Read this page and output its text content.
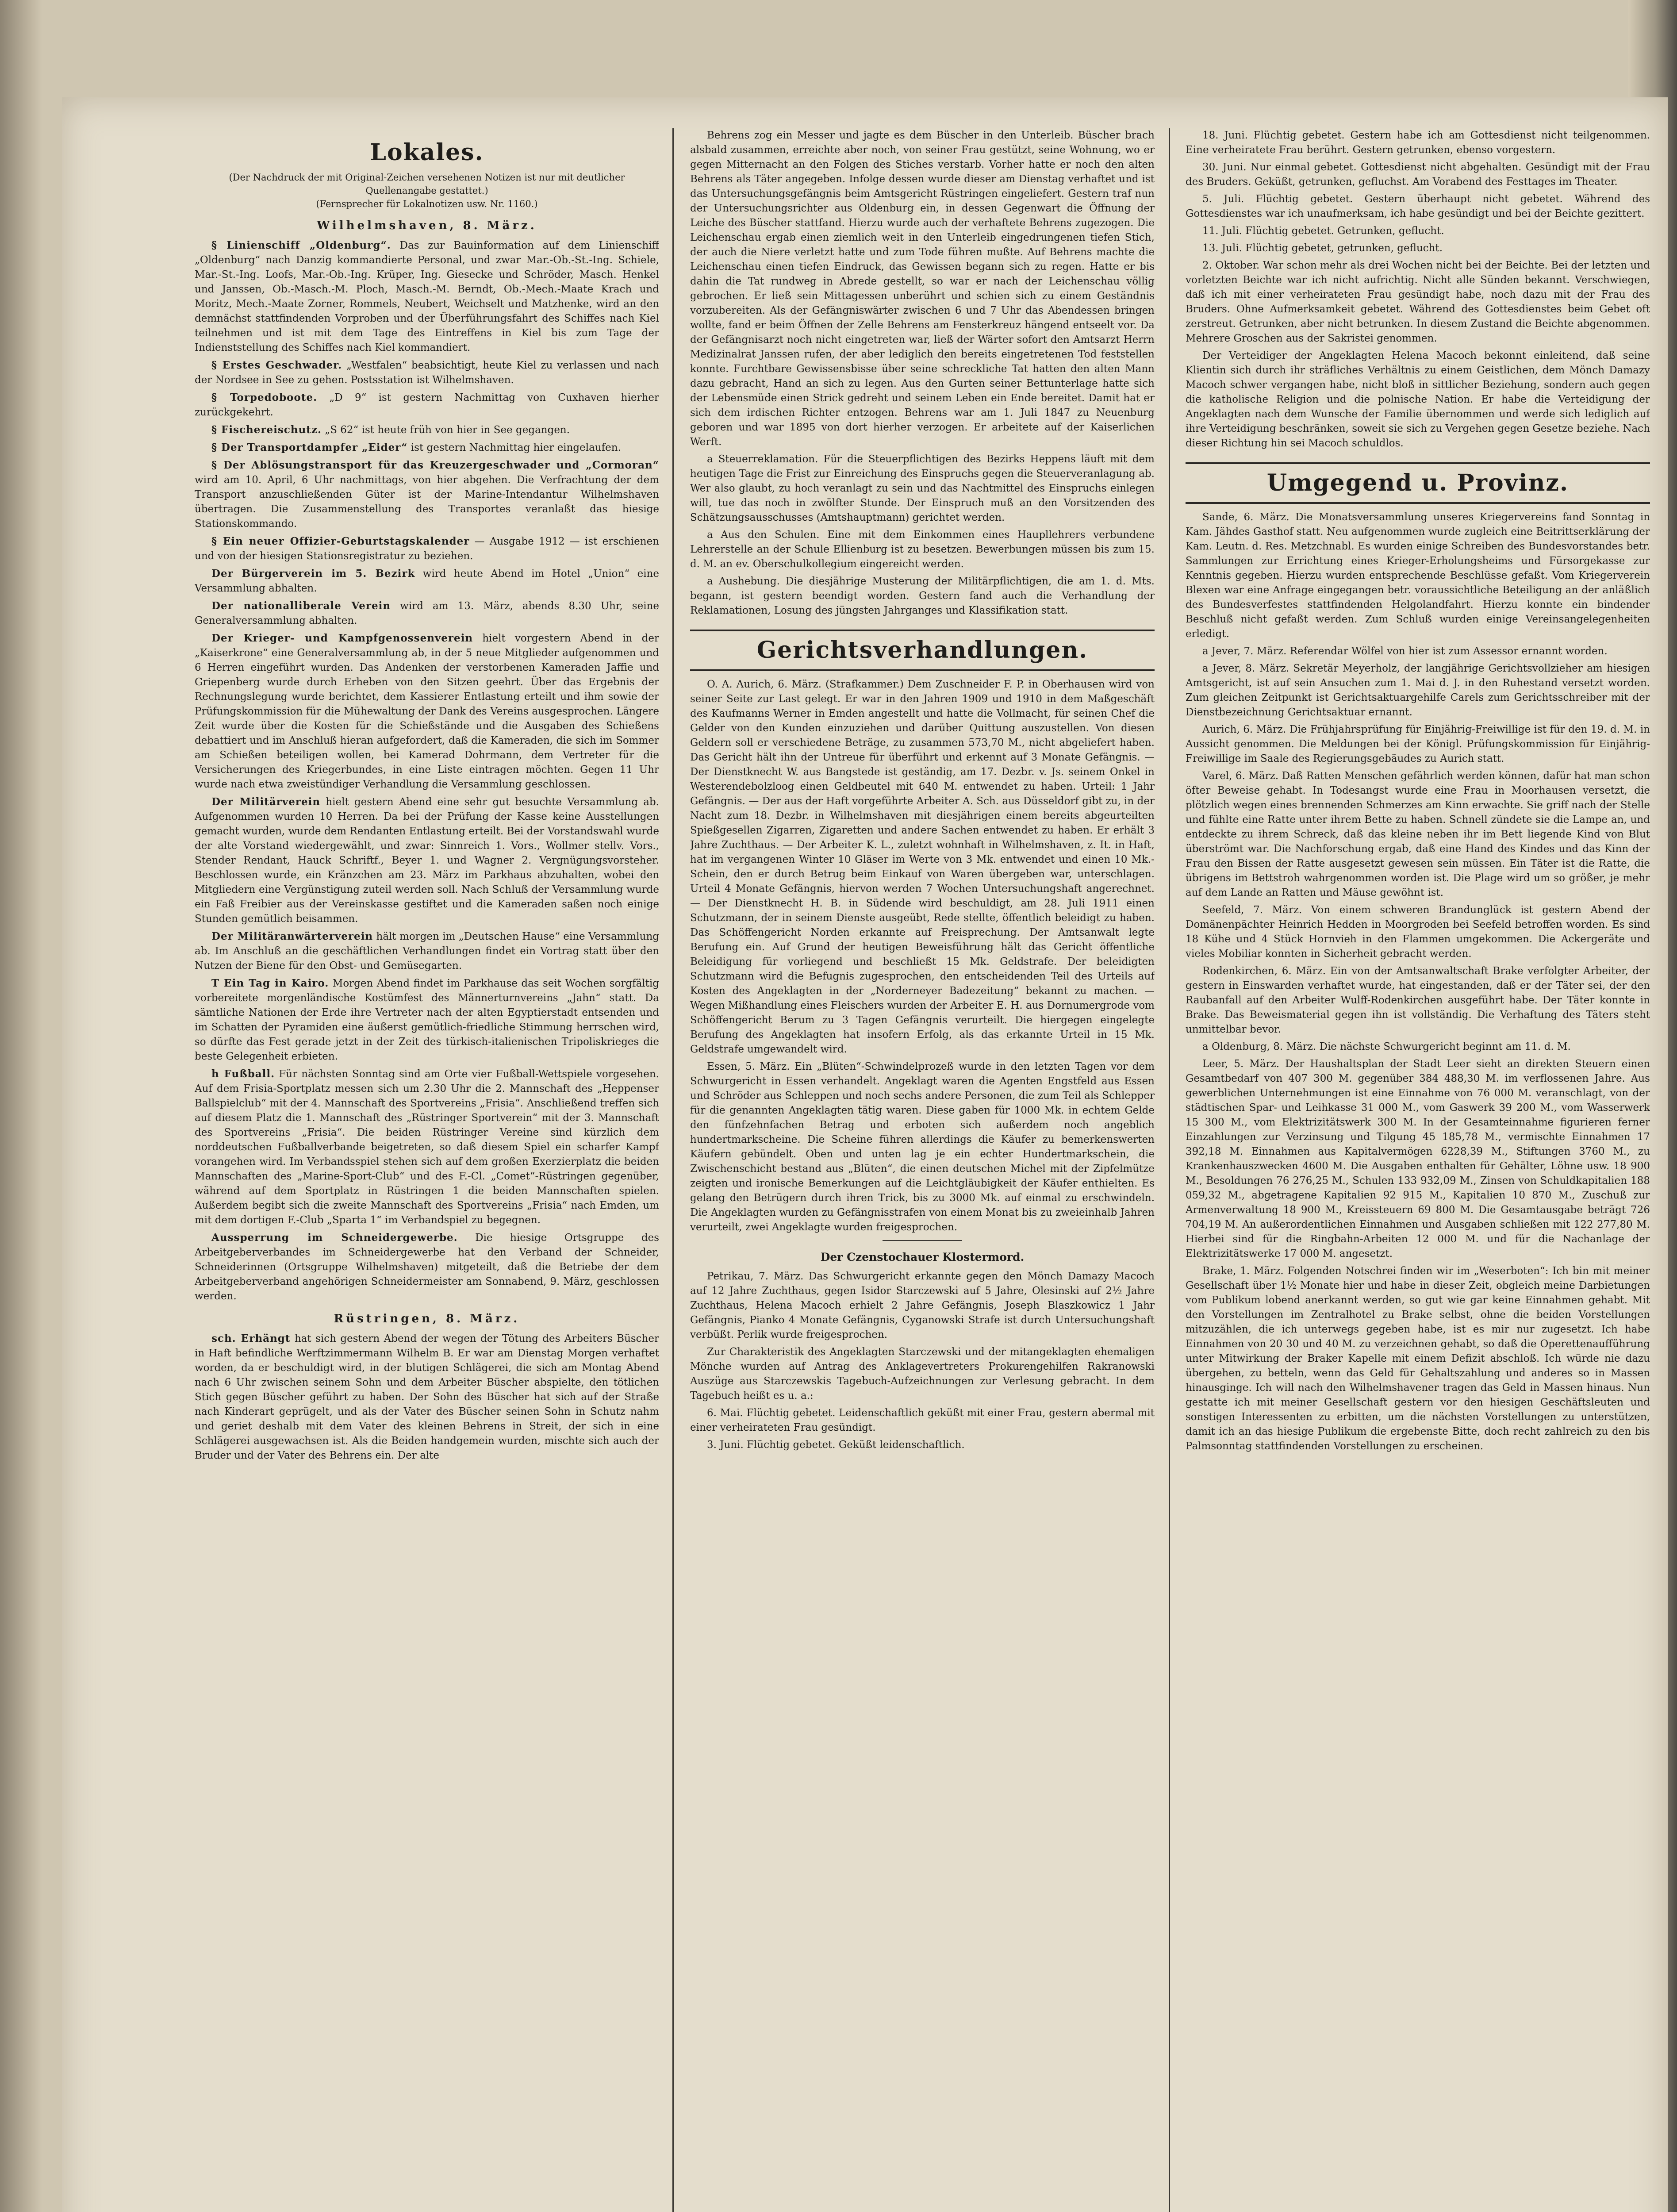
Lokales.

(Der Nachdruck der mit Original-Zeichen versehenen Notizen ist nur mit deutlicher Quellenangabe gestattet.)

(Fernsprecher für Lokalnotizen usw. Nr. 1160.)

Wilhelmshaven, 8. März.

§ Linienschiff „Oldenburg“. Das zur Bauinformation auf dem Linienschiff „Oldenburg“ nach Danzig kommandierte Personal, und zwar Mar.-Ob.-St.-Ing. Schiele, Mar.-St.-Ing. Loofs, Mar.-Ob.-Ing. Krüper, Ing. Giesecke und Schröder, Masch. Henkel und Janssen, Ob.-Masch.-M. Ploch, Masch.-M. Berndt, Ob.-Mech.-Maate Krach und Moritz, Mech.-Maate Zorner, Rommels, Neubert, Weichselt und Matzhenke, wird an den demnächst stattfindenden Vorproben und der Überführungsfahrt des Schiffes nach Kiel teilnehmen und ist mit dem Tage des Eintreffens in Kiel bis zum Tage der Indienststellung des Schiffes nach Kiel kommandiert.

§ Erstes Geschwader. „Westfalen“ beabsichtigt, heute Kiel zu verlassen und nach der Nordsee in See zu gehen. Postsstation ist Wilhelmshaven.

§ Torpedoboote. „D 9“ ist gestern Nachmittag von Cuxhaven hierher zurückgekehrt.

§ Fischereischutz. „S 62“ ist heute früh von hier in See gegangen.

§ Der Transportdampfer „Eider“ ist gestern Nachmittag hier eingelaufen.

§ Der Ablösungstransport für das Kreuzergeschwader und „Cormoran“ wird am 10. April, 6 Uhr nachmittags, von hier abgehen. Die Verfrachtung der dem Transport anzuschließenden Güter ist der Marine-Intendantur Wilhelmshaven übertragen. Die Zusammenstellung des Transportes veranlaßt das hiesige Stationskommando.

§ Ein neuer Offizier-Geburtstagskalender — Ausgabe 1912 — ist erschienen und von der hiesigen Stationsregistratur zu beziehen.

Der Bürgerverein im 5. Bezirk wird heute Abend im Hotel „Union“ eine Versammlung abhalten.

Der nationalliberale Verein wird am 13. März, abends 8.30 Uhr, seine Generalversammlung abhalten.

Der Krieger- und Kampfgenossenverein hielt vorgestern Abend in der „Kaiserkrone“ eine Generalversammlung ab, in der 5 neue Mitglieder aufgenommen und 6 Herren eingeführt wurden. Das Andenken der verstorbenen Kameraden Jaffie und Griepenberg wurde durch Erheben von den Sitzen geehrt. Über das Ergebnis der Rechnungslegung wurde berichtet, dem Kassierer Entlastung erteilt und ihm sowie der Prüfungskommission für die Mühewaltung der Dank des Vereins ausgesprochen. Längere Zeit wurde über die Kosten für die Schießstände und die Ausgaben des Schießens debattiert und im Anschluß hieran aufgefordert, daß die Kameraden, die sich im Sommer am Schießen beteiligen wollen, bei Kamerad Dohrmann, dem Vertreter für die Versicherungen des Kriegerbundes, in eine Liste eintragen möchten. Gegen 11 Uhr wurde nach etwa zweistündiger Verhandlung die Versammlung geschlossen.

Der Militärverein hielt gestern Abend eine sehr gut besuchte Versammlung ab. Aufgenommen wurden 10 Herren. Da bei der Prüfung der Kasse keine Ausstellungen gemacht wurden, wurde dem Rendanten Entlastung erteilt. Bei der Vorstandswahl wurde der alte Vorstand wiedergewählt, und zwar: Sinnreich 1. Vors., Wollmer stellv. Vors., Stender Rendant, Hauck Schriftf., Beyer 1. und Wagner 2. Vergnügungsvorsteher. Beschlossen wurde, ein Kränzchen am 23. März im Parkhaus abzuhalten, wobei den Mitgliedern eine Vergünstigung zuteil werden soll. Nach Schluß der Versammlung wurde ein Faß Freibier aus der Vereinskasse gestiftet und die Kameraden saßen noch einige Stunden gemütlich beisammen.

Der Militäranwärterverein hält morgen im „Deutschen Hause“ eine Versammlung ab. Im Anschluß an die geschäftlichen Verhandlungen findet ein Vortrag statt über den Nutzen der Biene für den Obst- und Gemüsegarten.

T Ein Tag in Kairo. Morgen Abend findet im Parkhause das seit Wochen sorgfältig vorbereitete morgenländische Kostümfest des Männerturnvereins „Jahn“ statt. Da sämtliche Nationen der Erde ihre Vertreter nach der alten Egyptierstadt entsenden und im Schatten der Pyramiden eine äußerst gemütlich-friedliche Stimmung herrschen wird, so dürfte das Fest gerade jetzt in der Zeit des türkisch-italienischen Tripoliskrieges die beste Gelegenheit erbieten.

h Fußball. Für nächsten Sonntag sind am Orte vier Fußball-Wettspiele vorgesehen. Auf dem Frisia-Sportplatz messen sich um 2.30 Uhr die 2. Mannschaft des „Heppenser Ballspielclub“ mit der 4. Mannschaft des Sportvereins „Frisia“. Anschließend treffen sich auf diesem Platz die 1. Mannschaft des „Rüstringer Sportverein“ mit der 3. Mannschaft des Sportvereins „Frisia“. Die beiden Rüstringer Vereine sind kürzlich dem norddeutschen Fußballverbande beigetreten, so daß diesem Spiel ein scharfer Kampf vorangehen wird. Im Verbandsspiel stehen sich auf dem großen Exerzierplatz die beiden Mannschaften des „Marine-Sport-Club“ und des F.-Cl. „Comet“-Rüstringen gegenüber, während auf dem Sportplatz in Rüstringen 1 die beiden Mannschaften spielen. Außerdem begibt sich die zweite Mannschaft des Sportvereins „Frisia“ nach Emden, um mit dem dortigen F.-Club „Sparta 1“ im Verbandspiel zu begegnen.

Aussperrung im Schneidergewerbe. Die hiesige Ortsgruppe des Arbeitgeberverbandes im Schneidergewerbe hat den Verband der Schneider, Schneiderinnen (Ortsgruppe Wilhelmshaven) mitgeteilt, daß die Betriebe der dem Arbeitgeberverband angehörigen Schneidermeister am Sonnabend, 9. März, geschlossen werden.

Rüstringen, 8. März.

sch. Erhängt hat sich gestern Abend der wegen der Tötung des Arbeiters Büscher in Haft befindliche Werftzimmermann Wilhelm B. Er war am Dienstag Morgen verhaftet worden, da er beschuldigt wird, in der blutigen Schlägerei, die sich am Montag Abend nach 6 Uhr zwischen seinem Sohn und dem Arbeiter Büscher abspielte, den tötlichen Stich gegen Büscher geführt zu haben. Der Sohn des Büscher hat sich auf der Straße nach Kinderart geprügelt, und als der Vater des Büscher seinen Sohn in Schutz nahm und geriet deshalb mit dem Vater des kleinen Behrens in Streit, der sich in eine Schlägerei ausgewachsen ist. Als die Beiden handgemein wurden, mischte sich auch der Bruder und der Vater des Behrens ein. Der alte

Behrens zog ein Messer und jagte es dem Büscher in den Unterleib. Büscher brach alsbald zusammen, erreichte aber noch, von seiner Frau gestützt, seine Wohnung, wo er gegen Mitternacht an den Folgen des Stiches verstarb. Vorher hatte er noch den alten Behrens als Täter angegeben. Infolge dessen wurde dieser am Dienstag verhaftet und ist das Untersuchungsgefängnis beim Amtsgericht Rüstringen eingeliefert. Gestern traf nun der Untersuchungsrichter aus Oldenburg ein, in dessen Gegenwart die Öffnung der Leiche des Büscher stattfand. Hierzu wurde auch der verhaftete Behrens zugezogen. Die Leichenschau ergab einen ziemlich weit in den Unterleib eingedrungenen tiefen Stich, der auch die Niere verletzt hatte und zum Tode führen mußte. Auf Behrens machte die Leichenschau einen tiefen Eindruck, das Gewissen begann sich zu regen. Hatte er bis dahin die Tat rundweg in Abrede gestellt, so war er nach der Leichenschau völlig gebrochen. Er ließ sein Mittagessen unberührt und schien sich zu einem Geständnis vorzubereiten. Als der Gefängniswärter zwischen 6 und 7 Uhr das Abendessen bringen wollte, fand er beim Öffnen der Zelle Behrens am Fensterkreuz hängend entseelt vor. Da der Gefängnisarzt noch nicht eingetreten war, ließ der Wärter sofort den Amtsarzt Herrn Medizinalrat Janssen rufen, der aber lediglich den bereits eingetretenen Tod feststellen konnte. Furchtbare Gewissensbisse über seine schreckliche Tat hatten den alten Mann dazu gebracht, Hand an sich zu legen. Aus den Gurten seiner Bettunterlage hatte sich der Lebensmüde einen Strick gedreht und seinem Leben ein Ende bereitet. Damit hat er sich dem irdischen Richter entzogen. Behrens war am 1. Juli 1847 zu Neuenburg geboren und war 1895 von dort hierher verzogen. Er arbeitete auf der Kaiserlichen Werft.

a Steuerreklamation. Für die Steuerpflichtigen des Bezirks Heppens läuft mit dem heutigen Tage die Frist zur Einreichung des Einspruchs gegen die Steuerveranlagung ab. Wer also glaubt, zu hoch veranlagt zu sein und das Nachtmittel des Einspruchs einlegen will, tue das noch in zwölfter Stunde. Der Einspruch muß an den Vorsitzenden des Schätzungsausschusses (Amtshauptmann) gerichtet werden.

a Aus den Schulen. Eine mit dem Einkommen eines Haupllehrers verbundene Lehrerstelle an der Schule Ellienburg ist zu besetzen. Bewerbungen müssen bis zum 15. d. M. an ev. Oberschulkollegium eingereicht werden.

a Aushebung. Die diesjährige Musterung der Militärpflichtigen, die am 1. d. Mts. begann, ist gestern beendigt worden. Gestern fand auch die Verhandlung der Reklamationen, Losung des jüngsten Jahrganges und Klassifikation statt.

Gerichtsverhandlungen.

O. A. Aurich, 6. März. (Strafkammer.) Dem Zuschneider F. P. in Oberhausen wird von seiner Seite zur Last gelegt. Er war in den Jahren 1909 und 1910 in dem Maßgeschäft des Kaufmanns Werner in Emden angestellt und hatte die Vollmacht, für seinen Chef die Gelder von den Kunden einzuziehen und darüber Quittung auszustellen. Von diesen Geldern soll er verschiedene Beträge, zu zusammen 573,70 M., nicht abgeliefert haben. Das Gericht hält ihn der Untreue für überführt und erkennt auf 3 Monate Gefängnis. — Der Dienstknecht W. aus Bangstede ist geständig, am 17. Dezbr. v. Js. seinem Onkel in Westerendebolzloog einen Geldbeutel mit 640 M. entwendet zu haben. Urteil: 1 Jahr Gefängnis. — Der aus der Haft vorgeführte Arbeiter A. Sch. aus Düsseldorf gibt zu, in der Nacht zum 18. Dezbr. in Wilhelmshaven mit diesjährigen einem bereits abgeurteilten Spießgesellen Zigarren, Zigaretten und andere Sachen entwendet zu haben. Er erhält 3 Jahre Zuchthaus. — Der Arbeiter K. L., zuletzt wohnhaft in Wilhelmshaven, z. It. in Haft, hat im vergangenen Winter 10 Gläser im Werte von 3 Mk. entwendet und einen 10 Mk.-Schein, den er durch Betrug beim Einkauf von Waren übergeben war, unterschlagen. Urteil 4 Monate Gefängnis, hiervon werden 7 Wochen Untersuchungshaft angerechnet. — Der Dienstknecht H. B. in Südende wird beschuldigt, am 28. Juli 1911 einen Schutzmann, der in seinem Dienste ausgeübt, Rede stellte, öffentlich beleidigt zu haben. Das Schöffengericht Norden erkannte auf Freisprechung. Der Amtsanwalt legte Berufung ein. Auf Grund der heutigen Beweisführung hält das Gericht öffentliche Beleidigung für vorliegend und beschließt 15 Mk. Geldstrafe. Der beleidigten Schutzmann wird die Befugnis zugesprochen, den entscheidenden Teil des Urteils auf Kosten des Angeklagten in der „Norderneyer Badezeitung“ bekannt zu machen. — Wegen Mißhandlung eines Fleischers wurden der Arbeiter E. H. aus Dornumergrode vom Schöffengericht Berum zu 3 Tagen Gefängnis verurteilt. Die hiergegen eingelegte Berufung des Angeklagten hat insofern Erfolg, als das erkannte Urteil in 15 Mk. Geldstrafe umgewandelt wird.

Essen, 5. März. Ein „Blüten“-Schwindelprozeß wurde in den letzten Tagen vor dem Schwurgericht in Essen verhandelt. Angeklagt waren die Agenten Engstfeld aus Essen und Schröder aus Schleppen und noch sechs andere Personen, die zum Teil als Schlepper für die genannten Angeklagten tätig waren. Diese gaben für 1000 Mk. in echtem Gelde den fünfzehnfachen Betrag und erboten sich außerdem noch angeblich hundertmarkscheine. Die Scheine führen allerdings die Käufer zu bemerkenswerten Käufern gebündelt. Oben und unten lag je ein echter Hundertmarkschein, die Zwischenschicht bestand aus „Blüten“, die einen deutschen Michel mit der Zipfelmütze zeigten und ironische Bemerkungen auf die Leichtgläubigkeit der Käufer enthielten. Es gelang den Betrügern durch ihren Trick, bis zu 3000 Mk. auf einmal zu erschwindeln. Die Angeklagten wurden zu Gefängnisstrafen von einem Monat bis zu zweieinhalb Jahren verurteilt, zwei Angeklagte wurden freigesprochen.

Der Czenstochauer Klostermord.

Petrikau, 7. März. Das Schwurgericht erkannte gegen den Mönch Damazy Macoch auf 12 Jahre Zuchthaus, gegen Isidor Starczewski auf 5 Jahre, Olesinski auf 2½ Jahre Zuchthaus, Helena Macoch erhielt 2 Jahre Gefängnis, Joseph Blaszkowicz 1 Jahr Gefängnis, Pianko 4 Monate Gefängnis, Cyganowski Strafe ist durch Untersuchungshaft verbüßt. Perlik wurde freigesprochen.

Zur Charakteristik des Angeklagten Starczewski und der mitangeklagten ehemaligen Mönche wurden auf Antrag des Anklagevertreters Prokurengehilfen Rakranowski Auszüge aus Starczewskis Tagebuch-Aufzeichnungen zur Verlesung gebracht. In dem Tagebuch heißt es u. a.:

6. Mai. Flüchtig gebetet. Leidenschaftlich geküßt mit einer Frau, gestern abermal mit einer verheirateten Frau gesündigt.

3. Juni. Flüchtig gebetet. Geküßt leidenschaftlich.

18. Juni. Flüchtig gebetet. Gestern habe ich am Gottesdienst nicht teilgenommen. Eine verheiratete Frau berührt. Gestern getrunken, ebenso vorgestern.

30. Juni. Nur einmal gebetet. Gottesdienst nicht abgehalten. Gesündigt mit der Frau des Bruders. Geküßt, getrunken, gefluchst. Am Vorabend des Festtages im Theater.

5. Juli. Flüchtig gebetet. Gestern überhaupt nicht gebetet. Während des Gottesdienstes war ich unaufmerksam, ich habe gesündigt und bei der Beichte gezittert.

11. Juli. Flüchtig gebetet. Getrunken, geflucht.

13. Juli. Flüchtig gebetet, getrunken, geflucht.

2. Oktober. War schon mehr als drei Wochen nicht bei der Beichte. Bei der letzten und vorletzten Beichte war ich nicht aufrichtig. Nicht alle Sünden bekannt. Verschwiegen, daß ich mit einer verheirateten Frau gesündigt habe, noch dazu mit der Frau des Bruders. Ohne Aufmerksamkeit gebetet. Während des Gottesdienstes beim Gebet oft zerstreut. Getrunken, aber nicht betrunken. In diesem Zustand die Beichte abgenommen. Mehrere Groschen aus der Sakristei genommen.

Der Verteidiger der Angeklagten Helena Macoch bekonnt einleitend, daß seine Klientin sich durch ihr sträfliches Verhältnis zu einem Geistlichen, dem Mönch Damazy Macoch schwer vergangen habe, nicht bloß in sittlicher Beziehung, sondern auch gegen die katholische Religion und die polnische Nation. Er habe die Verteidigung der Angeklagten nach dem Wunsche der Familie übernommen und werde sich lediglich auf ihre Verteidigung beschränken, soweit sie sich zu Vergehen gegen Gesetze beziehe. Nach dieser Richtung hin sei Macoch schuldlos.

Umgegend u. Provinz.

Sande, 6. März. Die Monatsversammlung unseres Kriegervereins fand Sonntag in Kam. Jähdes Gasthof statt. Neu aufgenommen wurde zugleich eine Beitrittserklärung der Kam. Leutn. d. Res. Metzchnabl. Es wurden einige Schreiben des Bundesvorstandes betr. Sammlungen zur Errichtung eines Krieger-Erholungsheims und Fürsorgekasse zur Kenntnis gegeben. Hierzu wurden entsprechende Beschlüsse gefaßt. Vom Kriegerverein Blexen war eine Anfrage eingegangen betr. voraussichtliche Beteiligung an der anläßlich des Bundesverfestes stattfindenden Helgolandfahrt. Hierzu konnte ein bindender Beschluß nicht gefaßt werden. Zum Schluß wurden einige Vereinsangelegenheiten erledigt.

a Jever, 7. März. Referendar Wölfel von hier ist zum Assessor ernannt worden.

a Jever, 8. März. Sekretär Meyerholz, der langjährige Gerichtsvollzieher am hiesigen Amtsgericht, ist auf sein Ansuchen zum 1. Mai d. J. in den Ruhestand versetzt worden. Zum gleichen Zeitpunkt ist Gerichtsaktuargehilfe Carels zum Gerichtsschreiber mit der Dienstbezeichnung Gerichtsaktuar ernannt.

Aurich, 6. März. Die Frühjahrsprüfung für Einjährig-Freiwillige ist für den 19. d. M. in Aussicht genommen. Die Meldungen bei der Königl. Prüfungskommission für Einjährig-Freiwillige im Saale des Regierungsgebäudes zu Aurich statt.

Varel, 6. März. Daß Ratten Menschen gefährlich werden können, dafür hat man schon öfter Beweise gehabt. In Todesangst wurde eine Frau in Moorhausen versetzt, die plötzlich wegen eines brennenden Schmerzes am Kinn erwachte. Sie griff nach der Stelle und fühlte eine Ratte unter ihrem Bette zu haben. Schnell zündete sie die Lampe an, und entdeckte zu ihrem Schreck, daß das kleine neben ihr im Bett liegende Kind von Blut überströmt war. Die Nachforschung ergab, daß eine Hand des Kindes und das Kinn der Frau den Bissen der Ratte ausgesetzt gewesen sein müssen. Ein Täter ist die Ratte, die übrigens im Bettstroh wahrgenommen worden ist. Die Plage wird um so größer, je mehr auf dem Lande an Ratten und Mäuse gewöhnt ist.

Seefeld, 7. März. Von einem schweren Brandunglück ist gestern Abend der Domänenpächter Heinrich Hedden in Moorgroden bei Seefeld betroffen worden. Es sind 18 Kühe und 4 Stück Hornvieh in den Flammen umgekommen. Die Ackergeräte und vieles Mobiliar konnten in Sicherheit gebracht werden.

Rodenkirchen, 6. März. Ein von der Amtsanwaltschaft Brake verfolgter Arbeiter, der gestern in Einswarden verhaftet wurde, hat eingestanden, daß er der Täter sei, der den Raubanfall auf den Arbeiter Wulff-Rodenkirchen ausgeführt habe. Der Täter konnte in Brake. Das Beweismaterial gegen ihn ist vollständig. Die Verhaftung des Täters steht unmittelbar bevor.

a Oldenburg, 8. März. Die nächste Schwurgericht beginnt am 11. d. M.

Leer, 5. März. Der Haushaltsplan der Stadt Leer sieht an direkten Steuern einen Gesamtbedarf von 407 300 M. gegenüber 384 488,30 M. im verflossenen Jahre. Aus gewerblichen Unternehmungen ist eine Einnahme von 76 000 M. veranschlagt, von der städtischen Spar- und Leihkasse 31 000 M., vom Gaswerk 39 200 M., vom Wasserwerk 15 300 M., vom Elektrizitätswerk 300 M. In der Gesamteinnahme figurieren ferner Einzahlungen zur Verzinsung und Tilgung 45 185,78 M., vermischte Einnahmen 17 392,18 M. Einnahmen aus Kapitalvermögen 6228,39 M., Stiftungen 3760 M., zu Krankenhauszwecken 4600 M. Die Ausgaben enthalten für Gehälter, Löhne usw. 18 900 M., Besoldungen 76 276,25 M., Schulen 133 932,09 M., Zinsen von Schuldkapitalien 188 059,32 M., abgetragene Kapitalien 92 915 M., Kapitalien 10 870 M., Zuschuß zur Armenverwaltung 18 900 M., Kreissteuern 69 800 M. Die Gesamtausgabe beträgt 726 704,19 M. An außerordentlichen Einnahmen und Ausgaben schließen mit 122 277,80 M. Hierbei sind für die Ringbahn-Arbeiten 12 000 M. und für die Nachanlage der Elektrizitätswerke 17 000 M. angesetzt.

Brake, 1. März. Folgenden Notschrei finden wir im „Weserboten“: Ich bin mit meiner Gesellschaft über 1½ Monate hier und habe in dieser Zeit, obgleich meine Darbietungen vom Publikum lobend anerkannt werden, so gut wie gar keine Einnahmen gehabt. Mit den Vorstellungen im Zentralhotel zu Brake selbst, ohne die beiden Vorstellungen mitzuzählen, die ich unterwegs gegeben habe, ist es mir nur zugesetzt. Ich habe Einnahmen von 20 30 und 40 M. zu verzeichnen gehabt, so daß die Operettenaufführung unter Mitwirkung der Braker Kapelle mit einem Defizit abschloß. Ich würde nie dazu übergehen, zu betteln, wenn das Geld für Gehaltszahlung und anderes so in Massen hinausginge. Ich will nach den Wilhelmshavener tragen das Geld in Massen hinaus. Nun gestatte ich mit meiner Gesellschaft gestern vor den hiesigen Geschäftsleuten und sonstigen Interessenten zu erbitten, um die nächsten Vorstellungen zu unterstützen, damit ich an das hiesige Publikum die ergebenste Bitte, doch recht zahlreich zu den bis Palmsonntag stattfindenden Vorstellungen zu erscheinen.
